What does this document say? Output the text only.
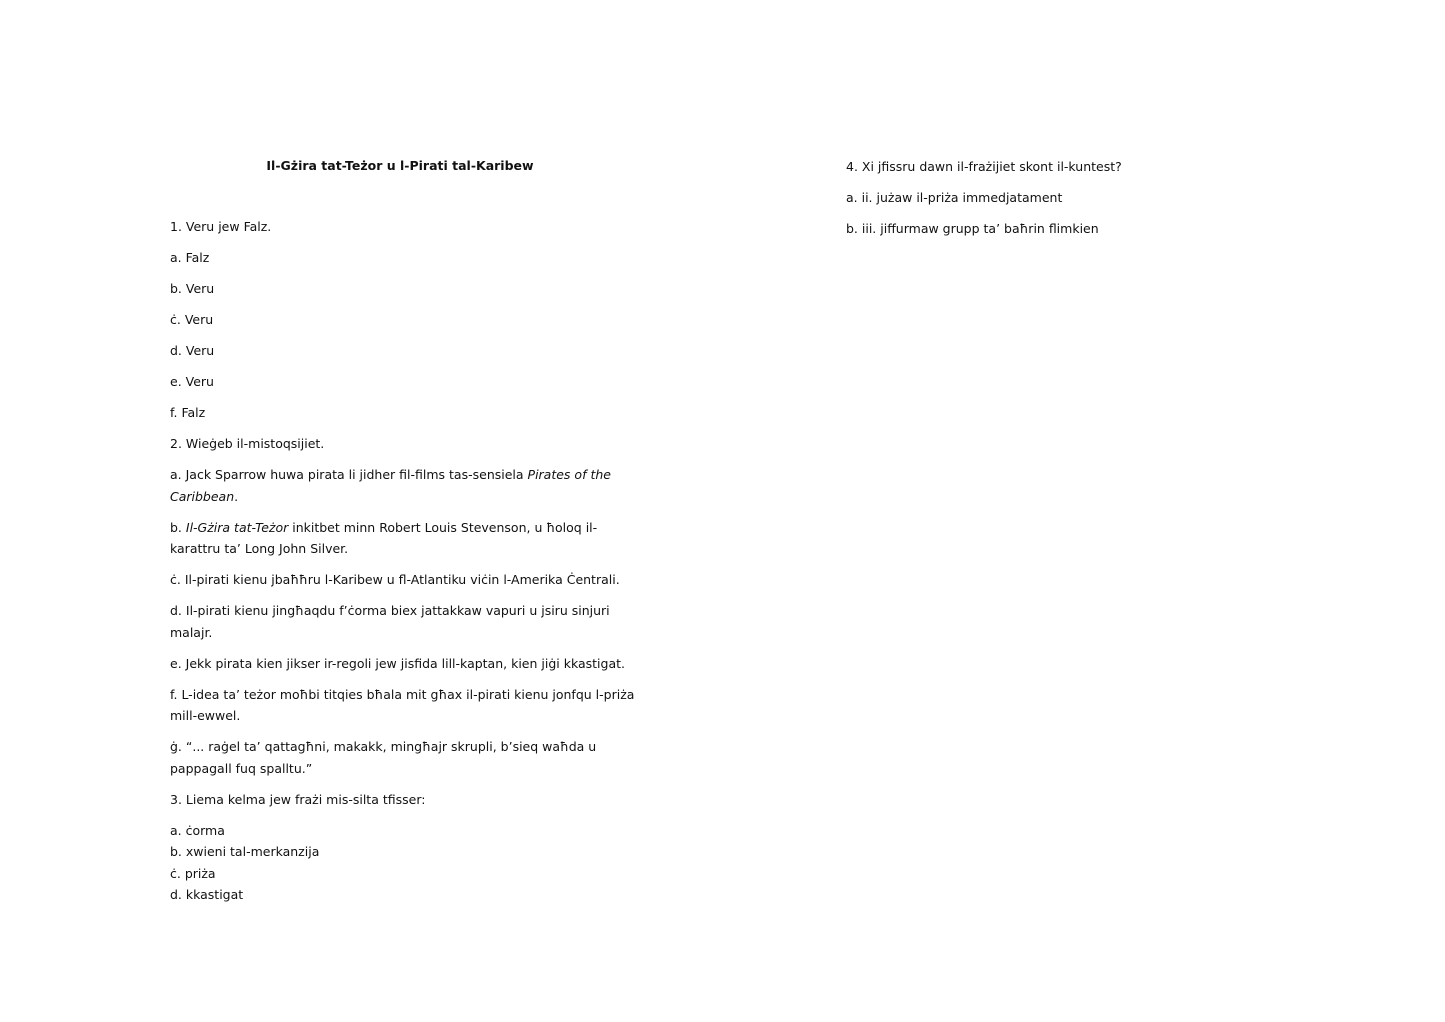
Il-Gżira tat-Teżor u l-Pirati tal-Karibew

1. Veru jew Falz.

a. Falz

b. Veru

ċ. Veru

d. Veru

e. Veru

f. Falz

2. Wieġeb il-mistoqsijiet.

a. Jack Sparrow huwa pirata li jidher fil-films tas-sensiela Pirates of the Caribbean.

b. Il-Gżira tat-Teżor inkitbet minn Robert Louis Stevenson, u ħoloq il-karattru ta’ Long John Silver.

ċ. Il-pirati kienu jbaħħru l-Karibew u fl-Atlantiku viċin l-Amerika Ċentrali.

d. Il-pirati kienu jingħaqdu f’ċorma biex jattakkaw vapuri u jsiru sinjuri malajr.

e. Jekk pirata kien jikser ir-regoli jew jisfida lill-kaptan, kien jiġi kkastigat.

f. L-idea ta’ teżor moħbi titqies bħala mit għax il-pirati kienu jonfqu l-priża mill-ewwel.

ġ. “... raġel ta’ qattagħni, makakk, mingħajr skrupli, b’sieq waħda u pappagall fuq spalltu.”

3. Liema kelma jew frażi mis-silta tfisser:

a. ċorma

b. xwieni tal-merkanzija

ċ. priża

d. kkastigat

4. Xi jfissru dawn il-frażijiet skont il-kuntest?

a. ii. jużaw il-priża immedjatament

b. iii. jiffurmaw grupp ta’ baħrin flimkien
